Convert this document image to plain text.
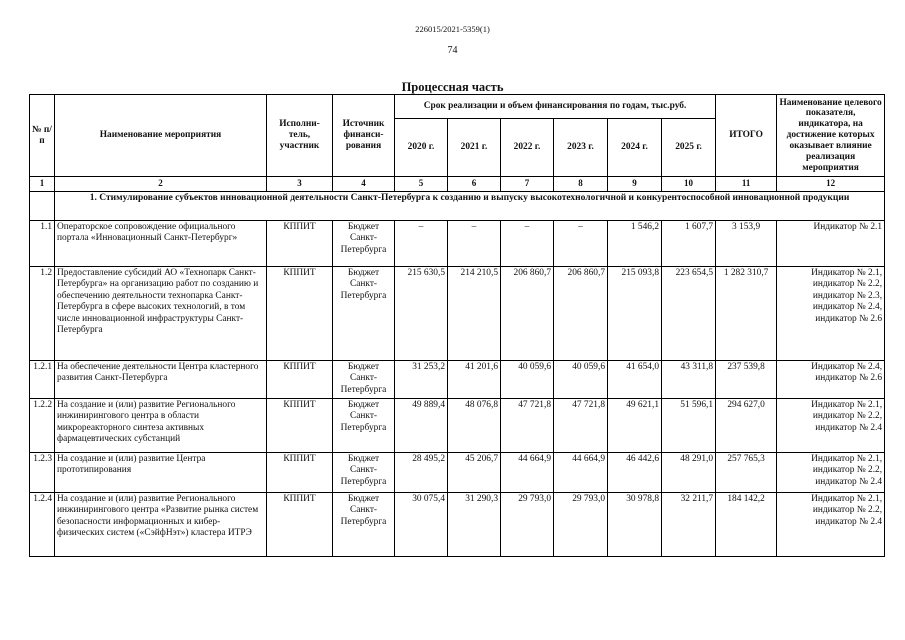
226015/2021-5359(1)
74
Процессная часть
№ п/п	Наименование мероприятия	Исполни- тель, участник	Источник финанси- рования	Срок реализации и объем финансирования по годам, тыс.руб.						ИТОГО	Наименование целевого показателя, индикатора, на достижение которых оказывает влияние реализация мероприятия
				2020 г.	2021 г.	2022 г.	2023 г.	2024 г.	2025 г.		
1	2	3	4	5	6	7	8	9	10	11	12
	1. Стимулирование субъектов инновационной деятельности Санкт-Петербурга к созданию и выпуску высокотехнологичной и конкурентоспособной инновационной продукции										
1.1	Операторское сопровождение официального портала «Инновационный Санкт-Петербург»	КППИТ	Бюджет Санкт-Петербурга	–	–	–	–	1 546,2	1 607,7	3 153,9	Индикатор № 2.1
1.2	Предоставление субсидий АО «Технопарк Санкт-Петербурга» на организацию работ по созданию и обеспечению деятельности технопарка Санкт-Петербурга в сфере высоких технологий, в том числе инновационной инфраструктуры Санкт-Петербурга	КППИТ	Бюджет Санкт-Петербурга	215 630,5	214 210,5	206 860,7	206 860,7	215 093,8	223 654,5	1 282 310,7	Индикатор № 2.1, индикатор № 2.2, индикатор № 2.3, индикатор № 2.4, индикатор № 2.6
1.2.1	На обеспечение деятельности Центра кластерного развития Санкт-Петербурга	КППИТ	Бюджет Санкт-Петербурга	31 253,2	41 201,6	40 059,6	40 059,6	41 654,0	43 311,8	237 539,8	Индикатор № 2.4, индикатор № 2.6
1.2.2	На создание и (или) развитие Регионального инжинирингового центра в области микрореакторного синтеза активных фармацевтических субстанций	КППИТ	Бюджет Санкт-Петербурга	49 889,4	48 076,8	47 721,8	47 721,8	49 621,1	51 596,1	294 627,0	Индикатор № 2.1, индикатор № 2.2, индикатор № 2.4
1.2.3	На создание и (или) развитие Центра прототипирования	КППИТ	Бюджет Санкт-Петербурга	28 495,2	45 206,7	44 664,9	44 664,9	46 442,6	48 291,0	257 765,3	Индикатор № 2.1, индикатор № 2.2, индикатор № 2.4
1.2.4	На создание и (или) развитие Регионального инжинирингового центра «Развитие рынка систем безопасности информационных и кибер-физических систем («СэйфНэт») кластера ИТРЭ	КППИТ	Бюджет Санкт-Петербурга	30 075,4	31 290,3	29 793,0	29 793,0	30 978,8	32 211,7	184 142,2	Индикатор № 2.1, индикатор № 2.2, индикатор № 2.4
